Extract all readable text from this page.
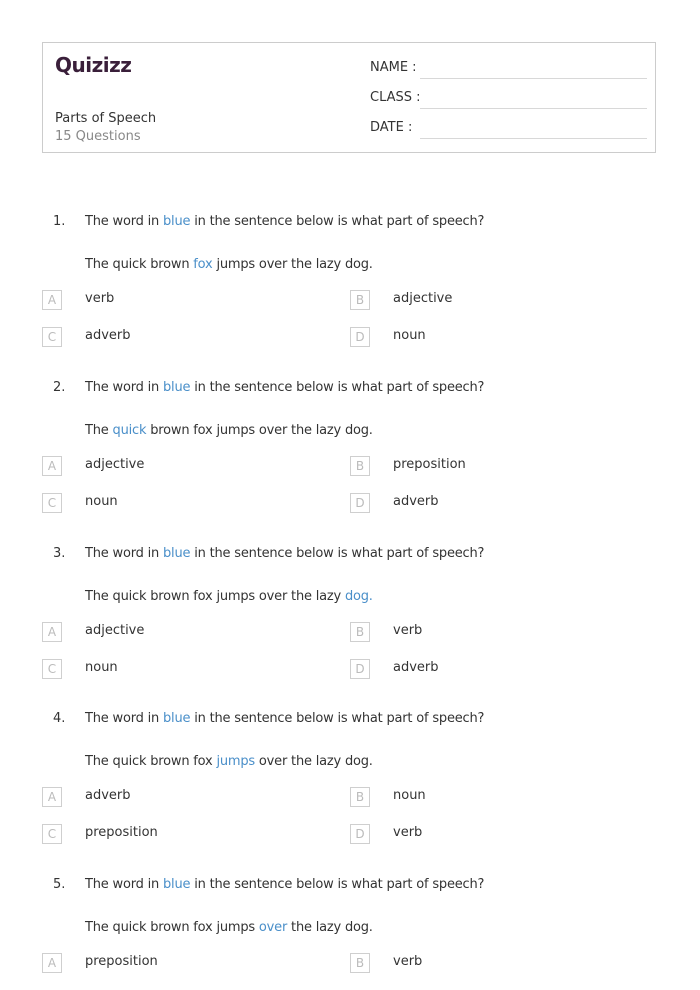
Quizizz
Parts of Speech
15 Questions
NAME :
CLASS :
DATE :
1. The word in blue in the sentence below is what part of speech?
The quick brown fox jumps over the lazy dog.
A	verb	B	adjective
C	adverb	D	noun
2. The word in blue in the sentence below is what part of speech?
The quick brown fox jumps over the lazy dog.
A	adjective	B	preposition
C	noun	D	adverb
3. The word in blue in the sentence below is what part of speech?
The quick brown fox jumps over the lazy dog.
A	adjective	B	verb
C	noun	D	adverb
4. The word in blue in the sentence below is what part of speech?
The quick brown fox jumps over the lazy dog.
A	adverb	B	noun
C	preposition	D	verb
5. The word in blue in the sentence below is what part of speech?
The quick brown fox jumps over the lazy dog.
A	preposition	B	verb
